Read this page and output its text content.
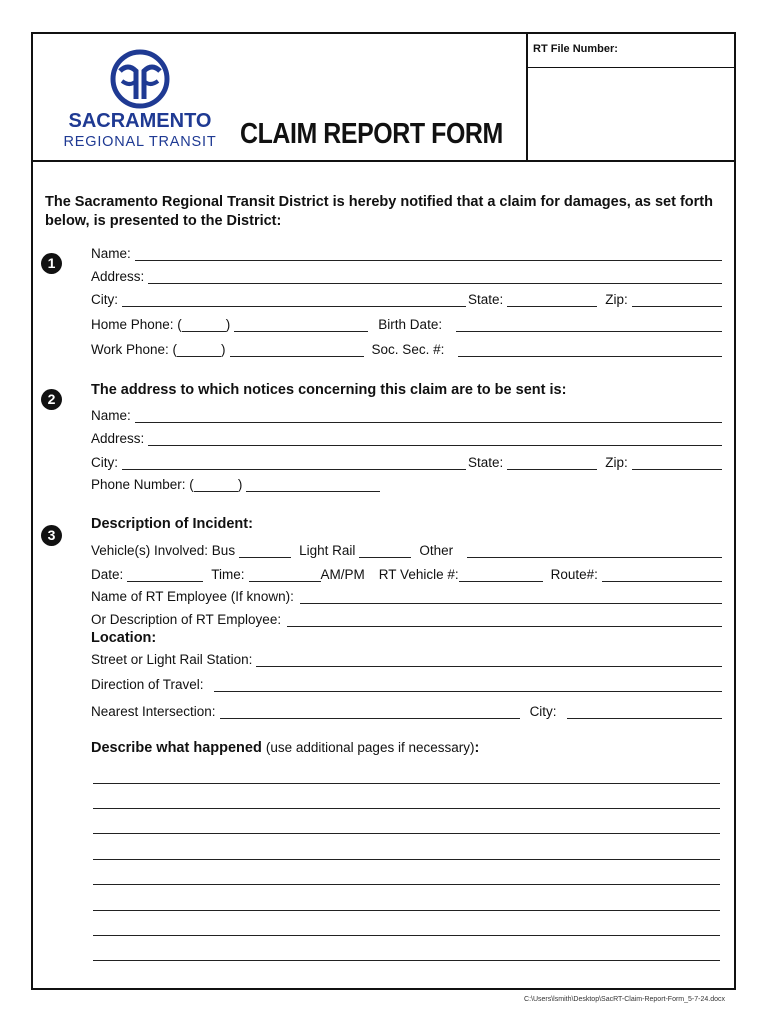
RT File Number:
SACRAMENTO
REGIONAL TRANSIT CLAIM REPORT FORM
The Sacramento Regional Transit District is hereby notified that a claim for damages, as set forth below, is presented to the District:
1
Name:
Address:
City:	State:	Zip:
Home Phone: (	)	Birth Date:
Work Phone: (	)	Soc. Sec. #:
2
The address to which notices concerning this claim are to be sent is:
Name:
Address:
City:	State:	Zip:
Phone Number: (	)
3
Description of Incident:
Vehicle(s) Involved: Bus	Light Rail	Other
Date:	Time:	AM/PM RT Vehicle #:	Route#:
Name of RT Employee (If known):
Or Description of RT Employee:
Location:
Street or Light Rail Station:
Direction of Travel:
Nearest Intersection:	City:
Describe what happened (use additional pages if necessary):
C:\Users\lsmith\Desktop\SacRT-Claim-Report-Form_5-7-24.docx
